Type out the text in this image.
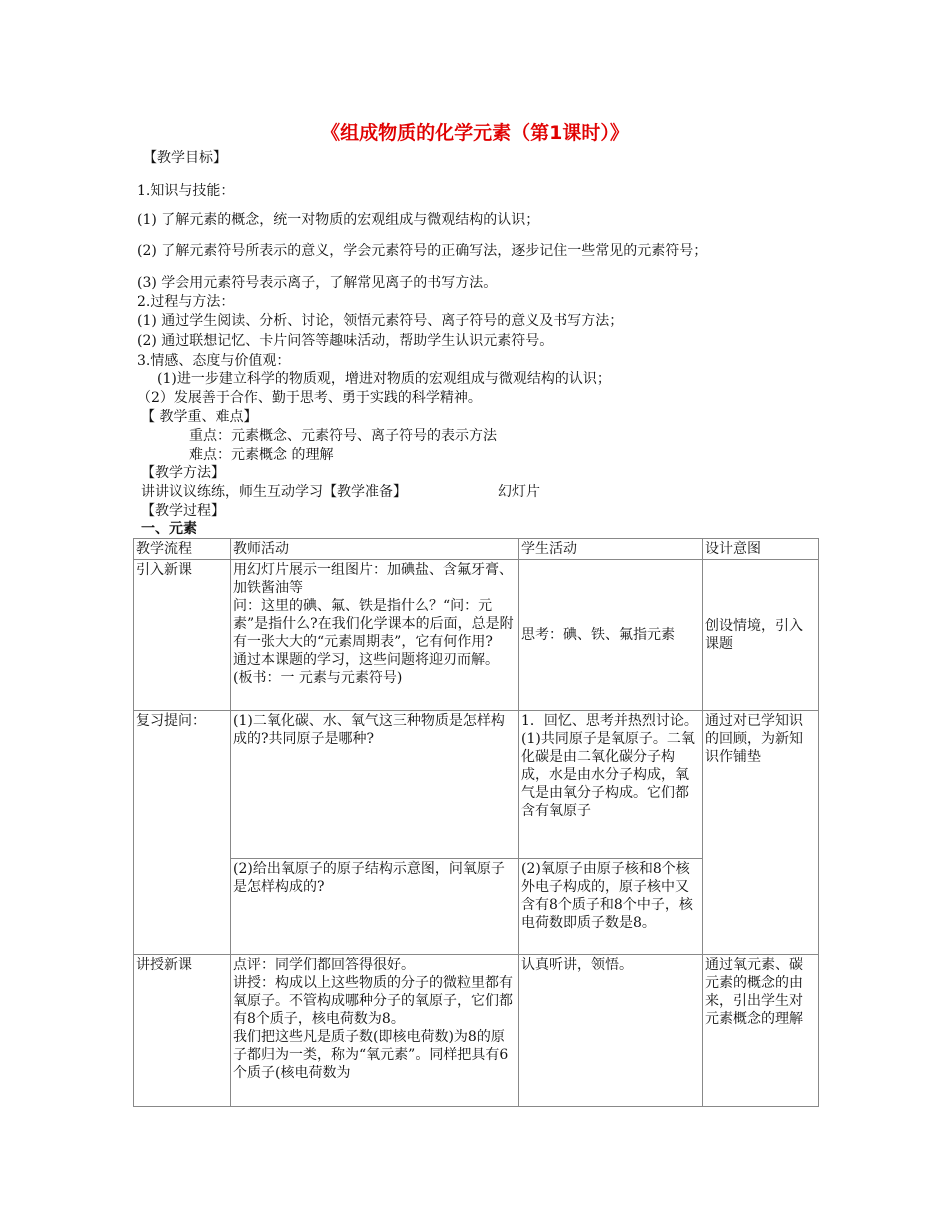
《组成物质的化学元素（第1课时）》
【教学目标】
1.知识与技能：
(1) 了解元素的概念，统一对物质的宏观组成与微观结构的认识；
(2) 了解元素符号所表示的意义，学会元素符号的正确写法，逐步记住一些常见的元素符号；
(3) 学会用元素符号表示离子，了解常见离子的书写方法。
2.过程与方法：
(1) 通过学生阅读、分析、讨论，领悟元素符号、离子符号的意义及书写方法；
(2) 通过联想记忆、卡片问答等趣味活动，帮助学生认识元素符号。
3.情感、态度与价值观：
(1)进一步建立科学的物质观，增进对物质的宏观组成与微观结构的认识；
（2）发展善于合作、勤于思考、勇于实践的科学精神。
【 教学重、难点】
重点：元素概念、元素符号、离子符号的表示方法
难点：元素概念 的理解
【教学方法】
讲讲议议练练，师生互动学习【教学准备】	幻灯片
【教学过程】
一、元素
教学流程	教师活动	学生活动	设计意图
引入新课	用幻灯片展示一组图片：加碘盐、含氟牙膏、加铁酱油等
问：这里的碘、氟、铁是指什么？“问：元素”是指什么?在我们化学课本的后面，总是附有一张大大的“元素周期表”，它有何作用?
通过本课题的学习，这些问题将迎刃而解。(板书：一 元素与元素符号)	思考：碘、铁、氟指元素	创设情境，引入课题
复习提问：	(1)二氧化碳、水、氧气这三种物质是怎样构成的?共同原子是哪种?	1．回忆、思考并热烈讨论。
(1)共同原子是氧原子。二氧化碳是由二氧化碳分子构成，水是由水分子构成，氧气是由氧分子构成。它们都含有氧原子	通过对已学知识的回顾，为新知识作铺垫
	(2)给出氧原子的原子结构示意图，问氧原子是怎样构成的?	(2)氧原子由原子核和8个核外电子构成的，原子核中又含有8个质子和8个中子，核电荷数即质子数是8。	
讲授新课	点评：同学们都回答得很好。
讲授：构成以上这些物质的分子的微粒里都有氧原子。不管构成哪种分子的氧原子，它们都有8个质子，核电荷数为8。
我们把这些凡是质子数(即核电荷数)为8的原子都归为一类，称为“氧元素”。同样把具有6个质子(核电荷数为	认真听讲，领悟。	通过氧元素、碳元素的概念的由来，引出学生对元素概念的理解
